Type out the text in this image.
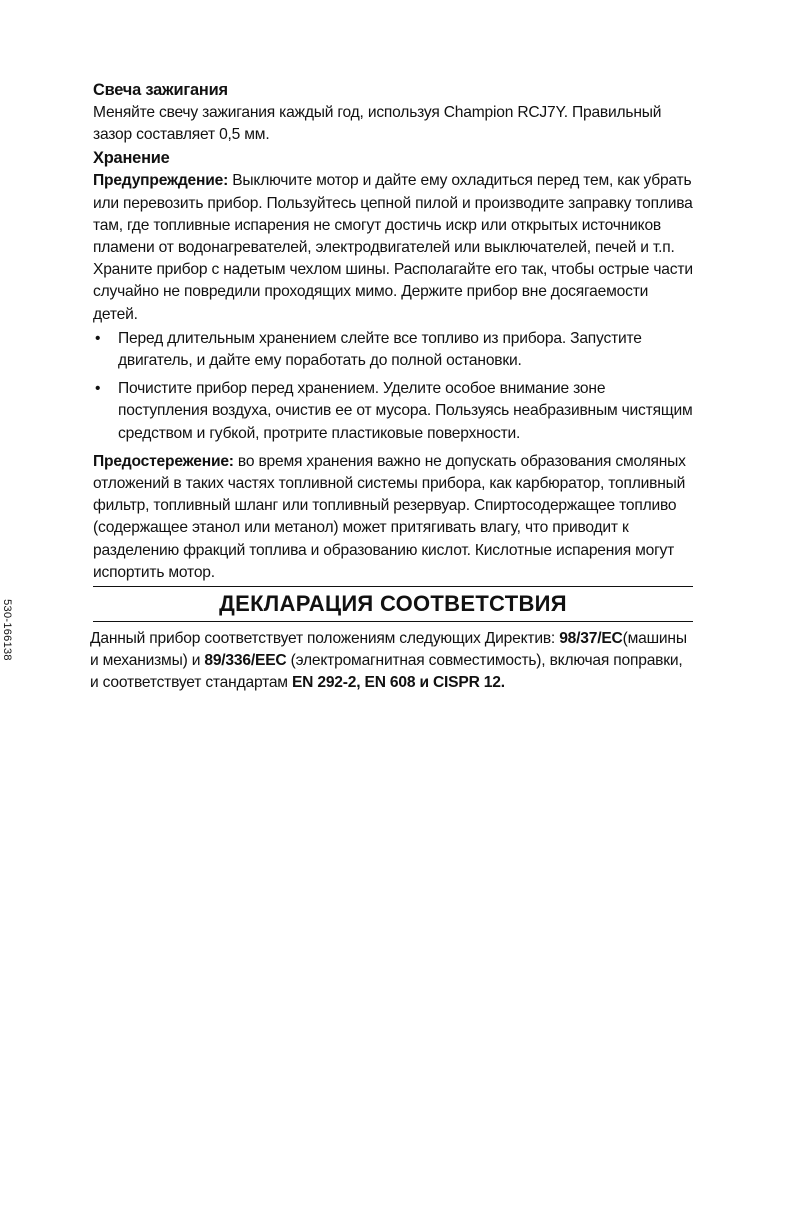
Свеча зажигания

Меняйте свечу зажигания каждый год, используя Champion RCJ7Y. Правильный зазор составляет 0,5 мм.

Хранение

Предупреждение: Выключите мотор и дайте ему охладиться перед тем, как убрать или перевозить прибор. Пользуйтесь цепной пилой и производите заправку топлива там, где топливные испарения не смогут достичь искр или открытых источников пламени от водонагревателей, электродвигателей или выключателей, печей и т.п. Храните прибор с надетым чехлом шины. Располагайте его так, чтобы острые части случайно не повредили проходящих мимо. Держите прибор вне досягаемости детей.

• Перед длительным хранением слейте все топливо из прибора. Запустите двигатель, и дайте ему поработать до полной остановки.
• Почистите прибор перед хранением. Уделите особое внимание зоне поступления воздуха, очистив ее от мусора. Пользуясь неабразивным чистящим средством и губкой, протрите пластиковые поверхности.

Предостережение: во время хранения важно не допускать образования смоляных отложений в таких частях топливной системы прибора, как карбюратор, топливный фильтр, топливный шланг или топливный резервуар. Спиртосодержащее топливо (содержащее этанол или метанол) может притягивать влагу, что приводит к разделению фракций топлива и образованию кислот. Кислотные испарения могут испортить мотор.

ДЕКЛАРАЦИЯ СООТВЕТСТВИЯ

Данный прибор соответствует положениям следующих Директив: 98/37/EC(машины и механизмы) и 89/336/EEC (электромагнитная совместимость), включая поправки, и соответствует стандартам EN 292-2, EN 608 и CISPR 12.

530-166138
